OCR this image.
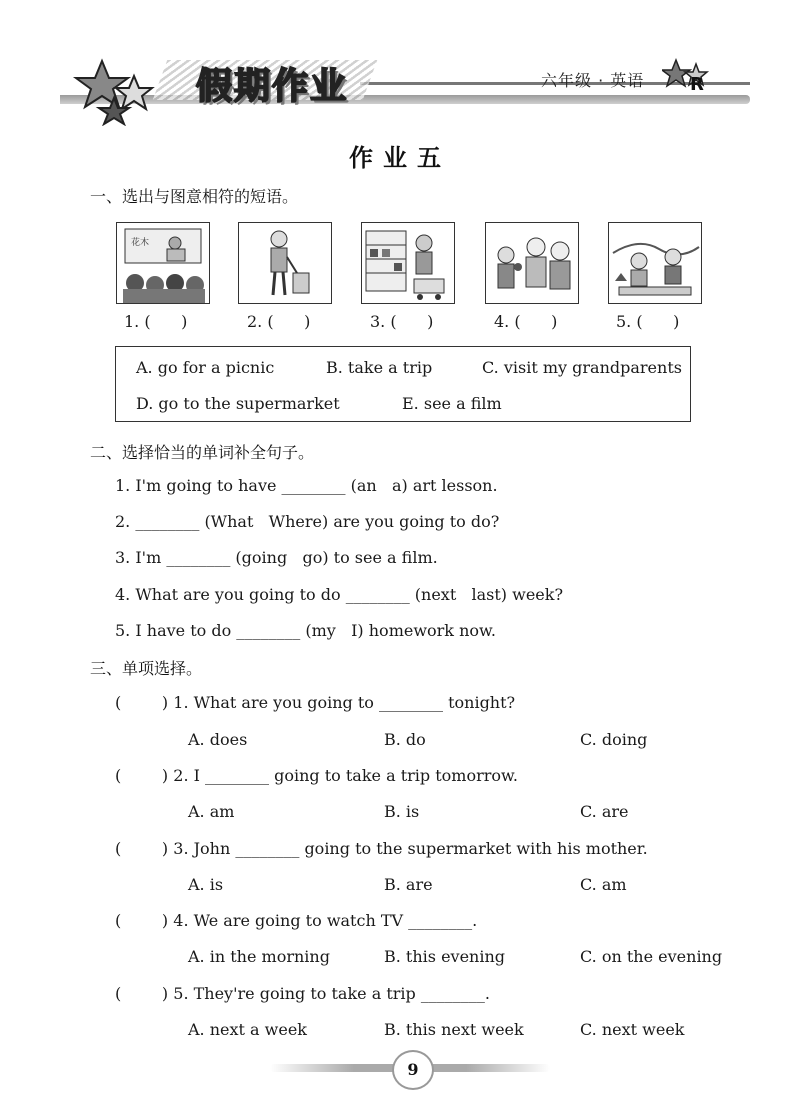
假期作业	六年级 · 英语	R
作业五
一、选出与图意相符的短语。
花木
1. (      )	2. (      )	3. (      )	4. (      )	5. (      )
A. go for a picnic	B. take a trip	C. visit my grandparents
D. go to the supermarket	E. see a film
二、选择恰当的单词补全句子。
1. I'm going to have ________ (an   a) art lesson.
2. ________ (What   Where) are you going to do?
3. I'm ________ (going   go) to see a film.
4. What are you going to do ________ (next   last) week?
5. I have to do ________ (my   I) homework now.
三、单项选择。
(        ) 1. What are you going to ________ tonight?
A. does	B. do	C. doing
(        ) 2. I ________ going to take a trip tomorrow.
A. am	B. is	C. are
(        ) 3. John ________ going to the supermarket with his mother.
A. is	B. are	C. am
(        ) 4. We are going to watch TV ________.
A. in the morning	B. this evening	C. on the evening
(        ) 5. They're going to take a trip ________.
A. next a week	B. this next week	C. next week
9
